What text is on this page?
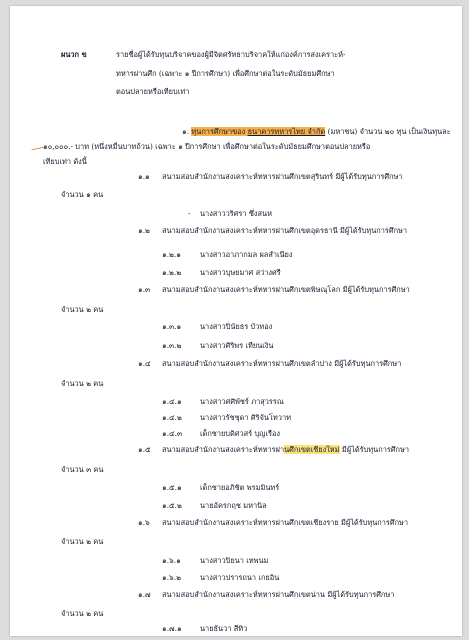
ผนวก ข	รายชื่อผู้ได้รับทุนบริจาคของผู้มีจิตศรัทธาบริจาคให้แก่องค์การสงเคราะห์-
ทหารผ่านศึก (เฉพาะ ๑ ปีการศึกษา) เพื่อศึกษาต่อในระดับมัธยมศึกษา
ตอนปลายหรือเทียบเท่า
๑. ทุนการศึกษาของ ธนาคารทหารไทย จำกัด (มหาชน) จำนวน ๒๐ ทุน เป็นเงินทุนละ
๑๐,๐๐๐.- บาท (หนึ่งหมื่นบาทถ้วน) เฉพาะ ๑ ปีการศึกษา เพื่อศึกษาต่อในระดับมัธยมศึกษาตอนปลายหรือ
เทียบเท่า ดังนี้
๑.๑ สนามสอบสำนักงานสงเคราะห์ทหารผ่านศึกเขตสุรินทร์ มีผู้ได้รับทุนการศึกษา
จำนวน ๑ คน
- นางสาววริศรา ซึ่งสนห
๑.๒ สนามสอบสำนักงานสงเคราะห์ทหารผ่านศึกเขตอุดรธานี มีผู้ได้รับทุนการศึกษา
๑.๒.๑	นางสาวอาภากมล ผลสำเนียง
๑.๒.๒	นางสาวบุษยมาศ สว่างศรี
๑.๓ สนามสอบสำนักงานสงเคราะห์ทหารผ่านศึกเขตพิษณุโลก มีผู้ได้รับทุนการศึกษา
จำนวน ๒ คน
๑.๓.๑	นางสาวปิ่นัยธร บัวทอง
๑.๓.๒	นางสาวศิริพร เทียนเงิน
๑.๔ สนามสอบสำนักงานสงเคราะห์ทหารผ่านศึกเขตลำปาง มีผู้ได้รับทุนการศึกษา
จำนวน ๒ คน
๑.๔.๑ นางสาวศศิพัชร์ ภาสุวรรณ
๑.๔.๒ นางสาวรัชชุดา ศิริจันโทวาท
๑.๔.๓ เด็กชายบดิศวสร์ บุญเรือง
๑.๕ สนามสอบสำนักงานสงเคราะห์ทหารผ่านศึกเขตเชียงใหม่ มีผู้ได้รับทุนการศึกษา
จำนวน ๓ คน
๑.๕.๑ เด็กชายอภิชิต พรมมินทร์
๑.๕.๒ นายอัครกฤช มหานิล
๑.๖ สนามสอบสำนักงานสงเคราะห์ทหารผ่านศึกเขตเชียงราย มีผู้ได้รับทุนการศึกษา
จำนวน ๒ คน
๑.๖.๑	นางสาวปิยนา เทพนม
๑.๖.๒	นางสาวปรารถนา เกยอิน
๑.๗ สนามสอบสำนักงานสงเคราะห์ทหารผ่านศึกเขตน่าน มีผู้ได้รับทุนการศึกษา
จำนวน ๒ คน
๑.๗.๑ นายธันวา สีทิว
